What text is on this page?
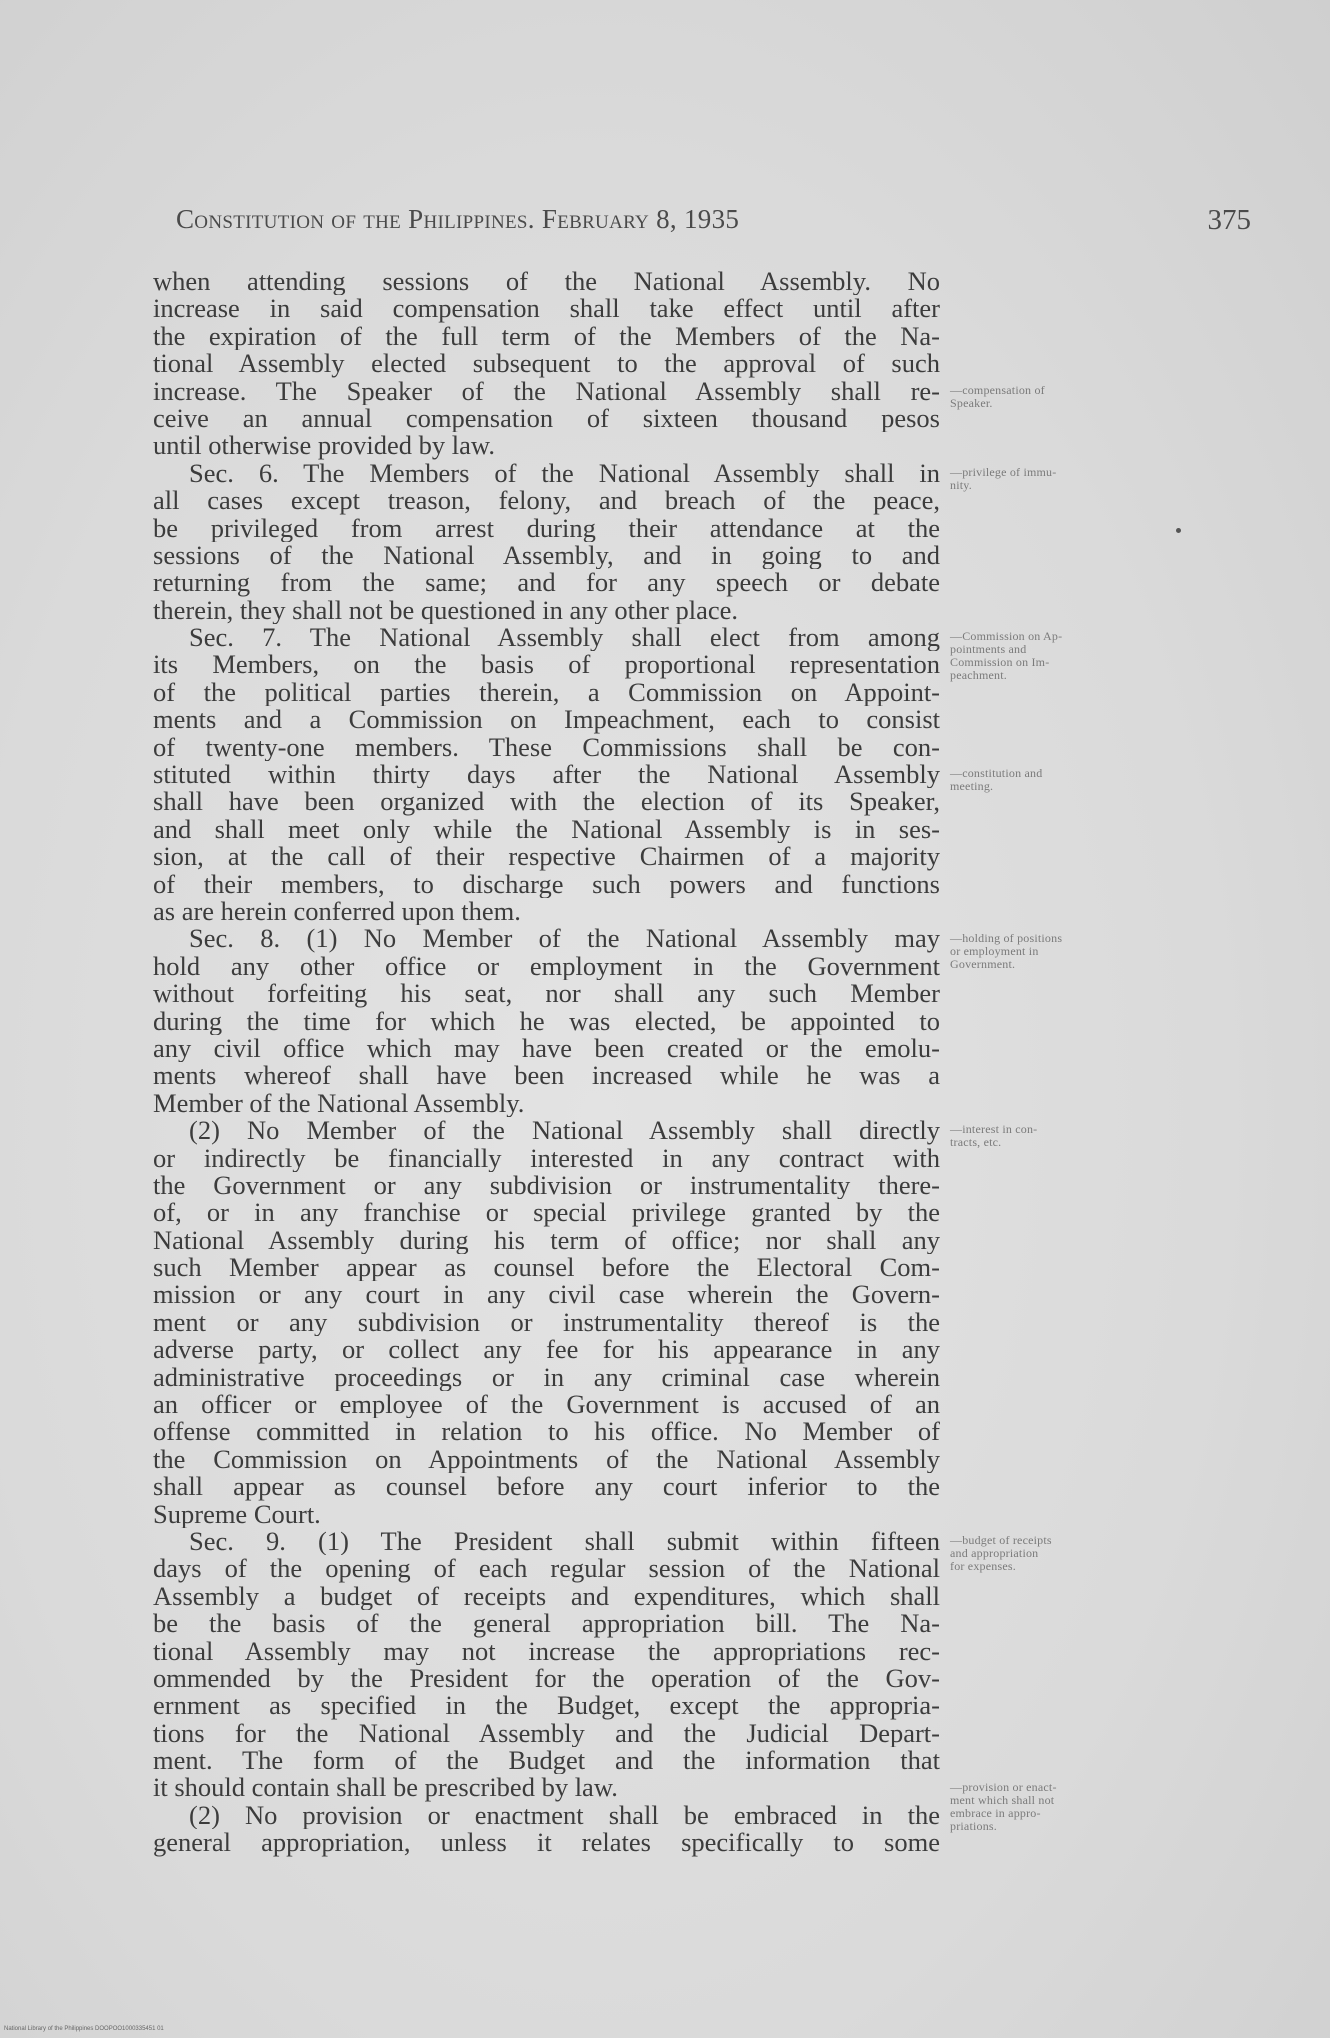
Constitution of the Philippines. February 8, 1935	375
when attending sessions of the National Assembly. No
increase in said compensation shall take effect until after
the expiration of the full term of the Members of the Na-
tional Assembly elected subsequent to the approval of such
increase. The Speaker of the National Assembly shall re-
ceive an annual compensation of sixteen thousand pesos
until otherwise provided by law.
Sec. 6. The Members of the National Assembly shall in
all cases except treason, felony, and breach of the peace,
be privileged from arrest during their attendance at the
sessions of the National Assembly, and in going to and
returning from the same; and for any speech or debate
therein, they shall not be questioned in any other place.
Sec. 7. The National Assembly shall elect from among
its Members, on the basis of proportional representation
of the political parties therein, a Commission on Appoint-
ments and a Commission on Impeachment, each to consist
of twenty-one members. These Commissions shall be con-
stituted within thirty days after the National Assembly
shall have been organized with the election of its Speaker,
and shall meet only while the National Assembly is in ses-
sion, at the call of their respective Chairmen of a majority
of their members, to discharge such powers and functions
as are herein conferred upon them.
Sec. 8. (1) No Member of the National Assembly may
hold any other office or employment in the Government
without forfeiting his seat, nor shall any such Member
during the time for which he was elected, be appointed to
any civil office which may have been created or the emolu-
ments whereof shall have been increased while he was a
Member of the National Assembly.
(2) No Member of the National Assembly shall directly
or indirectly be financially interested in any contract with
the Government or any subdivision or instrumentality there-
of, or in any franchise or special privilege granted by the
National Assembly during his term of office; nor shall any
such Member appear as counsel before the Electoral Com-
mission or any court in any civil case wherein the Govern-
ment or any subdivision or instrumentality thereof is the
adverse party, or collect any fee for his appearance in any
administrative proceedings or in any criminal case wherein
an officer or employee of the Government is accused of an
offense committed in relation to his office. No Member of
the Commission on Appointments of the National Assembly
shall appear as counsel before any court inferior to the
Supreme Court.
Sec. 9. (1) The President shall submit within fifteen
days of the opening of each regular session of the National
Assembly a budget of receipts and expenditures, which shall
be the basis of the general appropriation bill. The Na-
tional Assembly may not increase the appropriations rec-
ommended by the President for the operation of the Gov-
ernment as specified in the Budget, except the appropria-
tions for the National Assembly and the Judicial Depart-
ment. The form of the Budget and the information that
it should contain shall be prescribed by law.
(2) No provision or enactment shall be embraced in the
general appropriation, unless it relates specifically to some
—compensation of
Speaker.
—privilege of immu-
nity.
—Commission on Ap-
pointments and
Commission on Im-
peachment.
—constitution and
meeting.
—holding of positions
or employment in
Government.
—interest in con-
tracts, etc.
—budget of receipts
and appropriation
for expenses.
—provision or enact-
ment which shall not
embrace in appro-
priations.
National Library of the Philippines DOOPOO1000335451 01
